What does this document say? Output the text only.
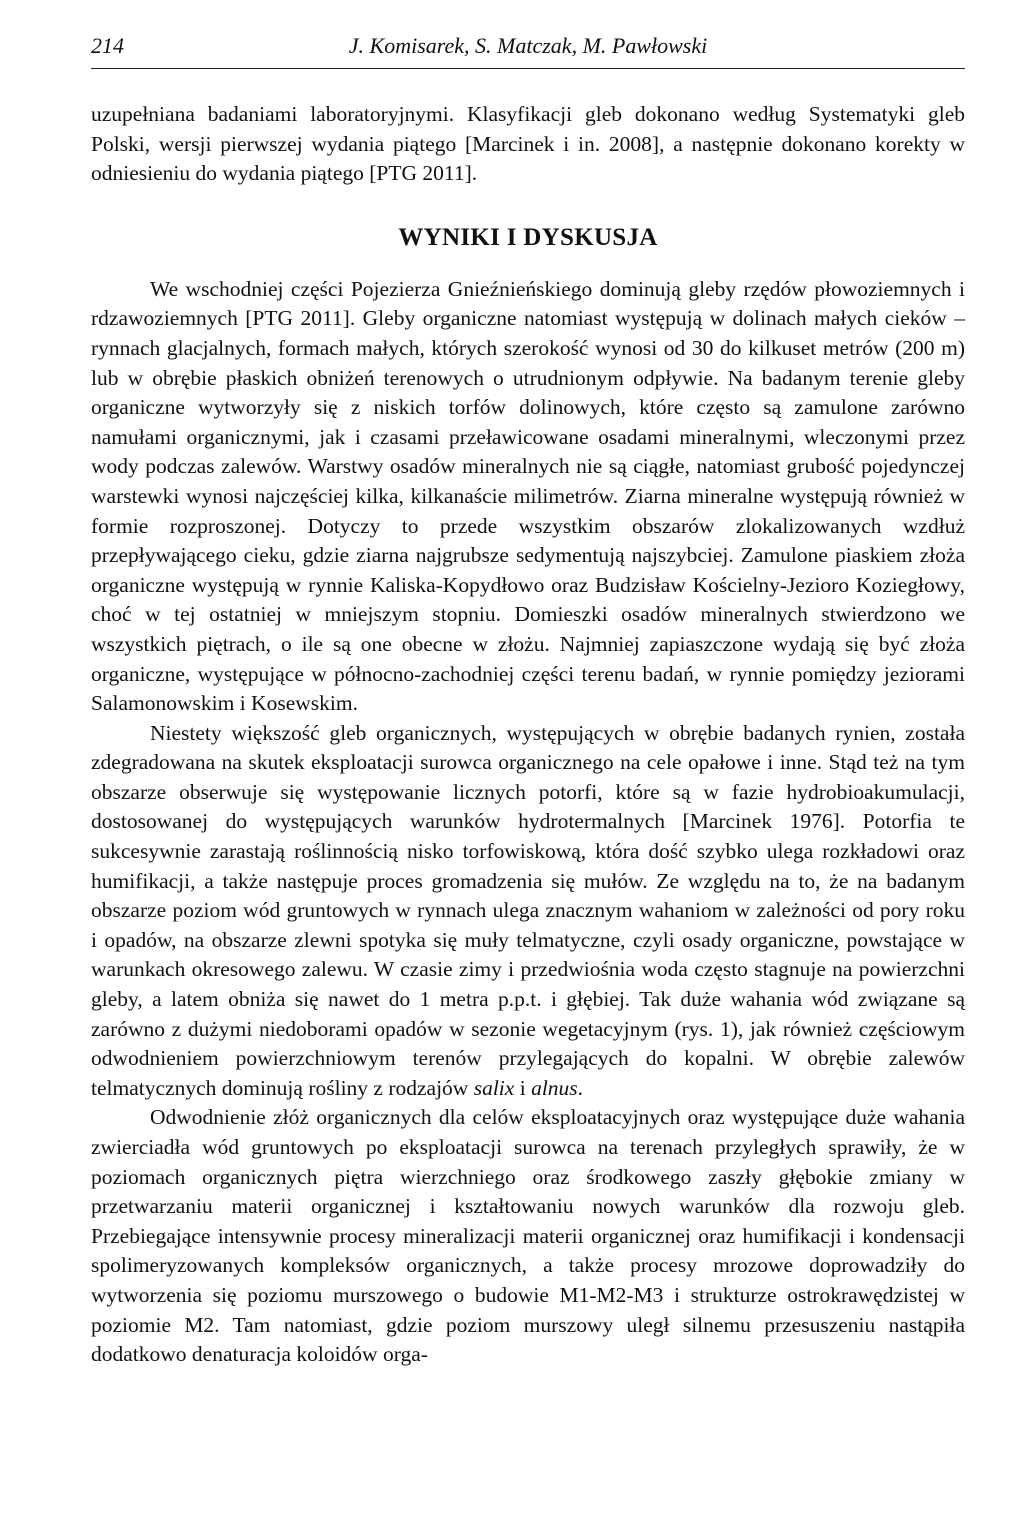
214	J. Komisarek, S. Matczak, M. Pawłowski

uzupełniana badaniami laboratoryjnymi. Klasyfikacji gleb dokonano według Systematyki gleb Polski, wersji pierwszej wydania piątego [Marcinek i in. 2008], a następnie dokonano korekty w odniesieniu do wydania piątego [PTG 2011].

WYNIKI I DYSKUSJA

We wschodniej części Pojezierza Gnieźnieńskiego dominują gleby rzędów płowoziemnych i rdzawoziemnych [PTG 2011]. Gleby organiczne natomiast występują w dolinach małych cieków – rynnach glacjalnych, formach małych, których szerokość wynosi od 30 do kilkuset metrów (200 m) lub w obrębie płaskich obniżeń terenowych o utrudnionym odpływie. Na badanym terenie gleby organiczne wytworzyły się z niskich torfów dolinowych, które często są zamulone zarówno namułami organicznymi, jak i czasami przeławicowane osadami mineralnymi, wleczonymi przez wody podczas zalewów. Warstwy osadów mineralnych nie są ciągłe, natomiast grubość pojedynczej warstewki wynosi najczęściej kilka, kilkanaście milimetrów. Ziarna mineralne występują również w formie rozproszonej. Dotyczy to przede wszystkim obszarów zlokalizowanych wzdłuż przepływającego cieku, gdzie ziarna najgrubsze sedymentują najszybciej. Zamulone piaskiem złoża organiczne występują w rynnie Kaliska-Kopydłowo oraz Budzisław Kościelny-Jezioro Koziegłowy, choć w tej ostatniej w mniejszym stopniu. Domieszki osadów mineralnych stwierdzono we wszystkich piętrach, o ile są one obecne w złożu. Najmniej zapiaszczone wydają się być złoża organiczne, występujące w północno-zachodniej części terenu badań, w rynnie pomiędzy jeziorami Salamonowskim i Kosewskim.

Niestety większość gleb organicznych, występujących w obrębie badanych rynien, została zdegradowana na skutek eksploatacji surowca organicznego na cele opałowe i inne. Stąd też na tym obszarze obserwuje się występowanie licznych potorfi, które są w fazie hydrobioakumulacji, dostosowanej do występujących warunków hydrotermalnych [Marcinek 1976]. Potorfia te sukcesywnie zarastają roślinnością nisko torfowiskową, która dość szybko ulega rozkładowi oraz humifikacji, a także następuje proces gromadzenia się mułów. Ze względu na to, że na badanym obszarze poziom wód gruntowych w rynnach ulega znacznym wahaniom w zależności od pory roku i opadów, na obszarze zlewni spotyka się muły telmatyczne, czyli osady organiczne, powstające w warunkach okresowego zalewu. W czasie zimy i przedwiośnia woda często stagnuje na powierzchni gleby, a latem obniża się nawet do 1 metra p.p.t. i głębiej. Tak duże wahania wód związane są zarówno z dużymi niedoborami opadów w sezonie wegetacyjnym (rys. 1), jak również częściowym odwodnieniem powierzchniowym terenów przylegających do kopalni. W obrębie zalewów telmatycznych dominują rośliny z rodzajów salix i alnus.

Odwodnienie złóż organicznych dla celów eksploatacyjnych oraz występujące duże wahania zwierciadła wód gruntowych po eksploatacji surowca na terenach przyległych sprawiły, że w poziomach organicznych piętra wierzchniego oraz środkowego zaszły głębokie zmiany w przetwarzaniu materii organicznej i kształtowaniu nowych warunków dla rozwoju gleb. Przebiegające intensywnie procesy mineralizacji materii organicznej oraz humifikacji i kondensacji spolimeryzowanych kompleksów organicznych, a także procesy mrozowe doprowadziły do wytworzenia się poziomu murszowego o budowie M1-M2-M3 i strukturze ostrokrawędzistej w poziomie M2. Tam natomiast, gdzie poziom murszowy uległ silnemu przesuszeniu nastąpiła dodatkowo denaturacja koloidów orga-
